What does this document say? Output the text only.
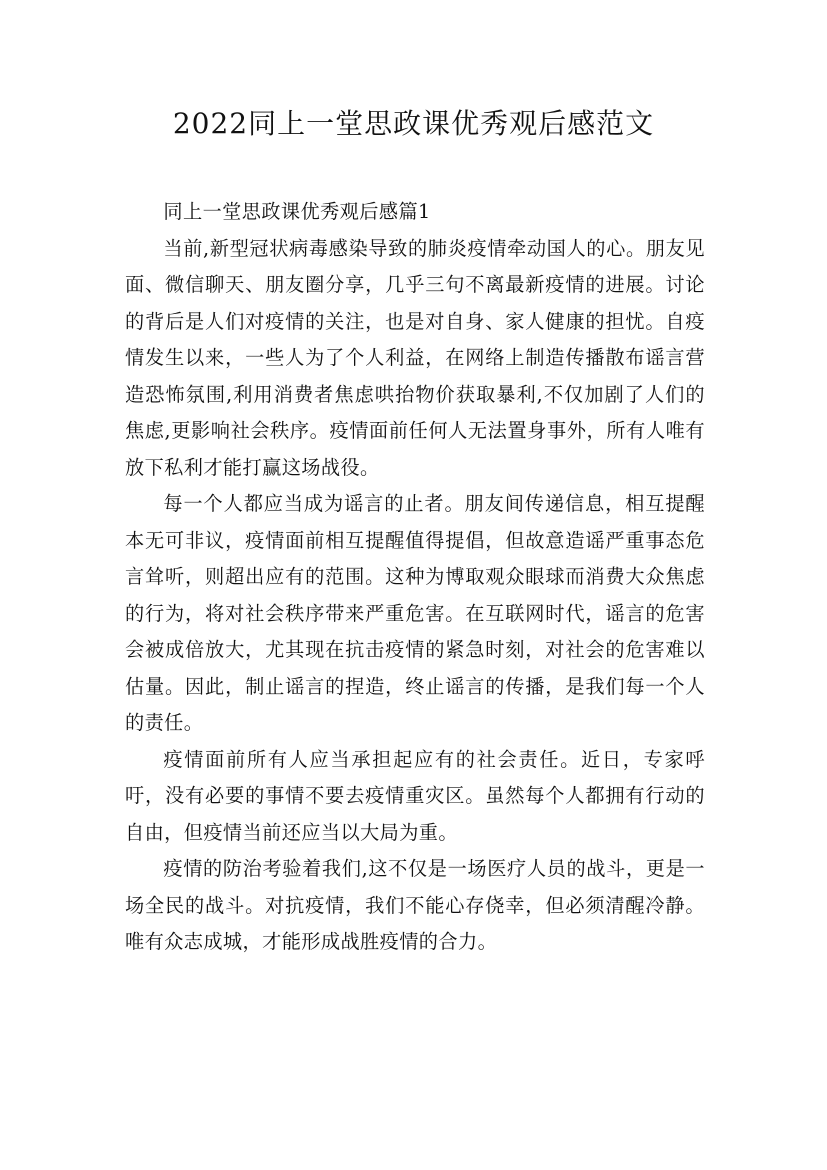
2022同上一堂思政课优秀观后感范文

同上一堂思政课优秀观后感篇1

当前,新型冠状病毒感染导致的肺炎疫情牵动国人的心。朋友见面、微信聊天、朋友圈分享，几乎三句不离最新疫情的进展。讨论的背后是人们对疫情的关注，也是对自身、家人健康的担忧。自疫情发生以来，一些人为了个人利益，在网络上制造传播散布谣言营造恐怖氛围,利用消费者焦虑哄抬物价获取暴利,不仅加剧了人们的焦虑,更影响社会秩序。疫情面前任何人无法置身事外，所有人唯有放下私利才能打赢这场战役。

每一个人都应当成为谣言的止者。朋友间传递信息，相互提醒本无可非议，疫情面前相互提醒值得提倡，但故意造谣严重事态危言耸听，则超出应有的范围。这种为博取观众眼球而消费大众焦虑的行为，将对社会秩序带来严重危害。在互联网时代，谣言的危害会被成倍放大，尤其现在抗击疫情的紧急时刻，对社会的危害难以估量。因此，制止谣言的捏造，终止谣言的传播，是我们每一个人的责任。

疫情面前所有人应当承担起应有的社会责任。近日，专家呼吁，没有必要的事情不要去疫情重灾区。虽然每个人都拥有行动的自由，但疫情当前还应当以大局为重。

疫情的防治考验着我们,这不仅是一场医疗人员的战斗，更是一场全民的战斗。对抗疫情，我们不能心存侥幸，但必须清醒冷静。唯有众志成城，才能形成战胜疫情的合力。
